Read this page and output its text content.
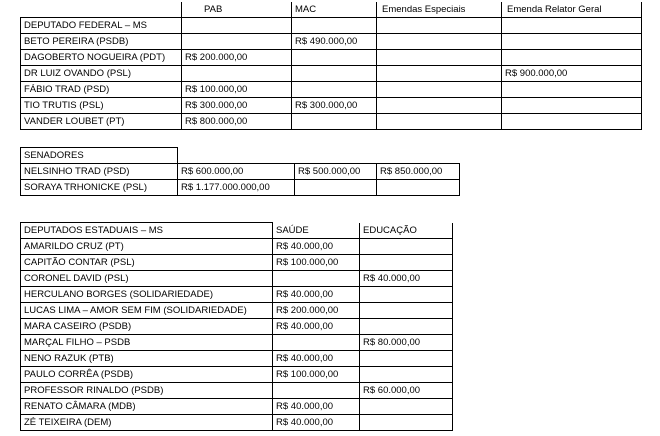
	PAB	MAC	Emendas Especiais	Emenda Relator Geral
DEPUTADO FEDERAL – MS				
BETO PEREIRA (PSDB)		R$ 490.000,00		
DAGOBERTO NOGUEIRA (PDT)	R$ 200.000,00			
DR LUIZ OVANDO (PSL)				R$ 900.000,00
FÁBIO TRAD (PSD)	R$ 100.000,00			
TIO TRUTIS (PSL)	R$ 300.000,00	R$ 300.000,00		
VANDER LOUBET (PT)	R$ 800.000,00			
SENADORES			
NELSINHO TRAD (PSD)	R$ 600.000,00	R$ 500.000,00	R$ 850.000,00
SORAYA TRHONICKE (PSL)	R$ 1.177.000.000,00		
DEPUTADOS ESTADUAIS – MS	SAÚDE	EDUCAÇÃO
AMARILDO CRUZ (PT)	R$ 40.000,00	
CAPITÃO CONTAR (PSL)	R$ 100.000,00	
CORONEL DAVID (PSL)		R$ 40.000,00
HERCULANO BORGES (SOLIDARIEDADE)	R$ 40.000,00	
LUCAS LIMA – AMOR SEM FIM (SOLIDARIEDADE)	R$ 200.000,00	
MARA CASEIRO (PSDB)	R$ 40.000,00	
MARÇAL FILHO – PSDB		R$ 80.000,00
NENO RAZUK (PTB)	R$ 40.000,00	
PAULO CORRÊA (PSDB)	R$ 100.000,00	
PROFESSOR RINALDO (PSDB)		R$ 60.000,00
RENATO CÂMARA (MDB)	R$ 40.000,00	
ZÉ TEIXEIRA (DEM)	R$ 40.000,00	
